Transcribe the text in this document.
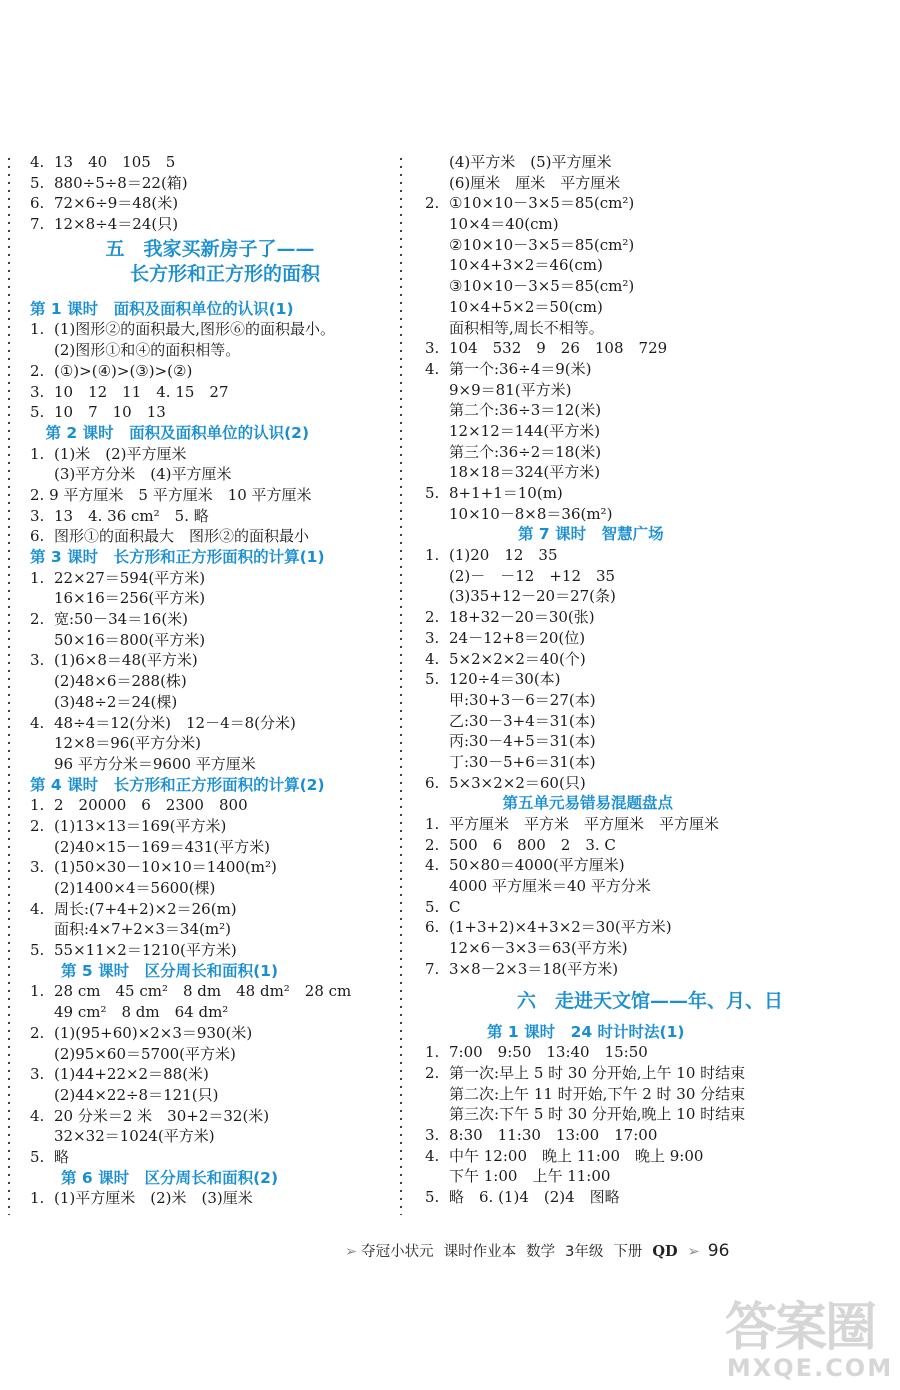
4. 13　40　105　5
5. 880÷5÷8＝22(箱)
6. 72×6÷9＝48(米)
7. 12×8÷4＝24(只)
五　我家买新房子了——
长方形和正方形的面积
第 1 课时　面积及面积单位的认识(1)
1. (1)图形②的面积最大,图形⑥的面积最小。
(2)图形①和④的面积相等。
2. (①)>(④)>(③)>(②)
3. 10　12　11　4. 15　27
5. 10　7　10　13
　第 2 课时　面积及面积单位的认识(2)
1. (1)米　(2)平方厘米
(3)平方分米　(4)平方厘米
2. 9 平方厘米　5 平方厘米　10 平方厘米
3. 13　4. 36 cm²　5. 略
6. 图形①的面积最大　图形②的面积最小
第 3 课时　长方形和正方形面积的计算(1)
1. 22×27＝594(平方米)
16×16＝256(平方米)
2. 宽:50－34＝16(米)
50×16＝800(平方米)
3. (1)6×8＝48(平方米)
(2)48×6＝288(株)
(3)48÷2＝24(棵)
4. 48÷4＝12(分米)　12－4＝8(分米)
12×8＝96(平方分米)
96 平方分米＝9600 平方厘米
第 4 课时　长方形和正方形面积的计算(2)
1. 2　20000　6　2300　800
2. (1)13×13＝169(平方米)
(2)40×15－169＝431(平方米)
3. (1)50×30－10×10＝1400(m²)
(2)1400×4＝5600(棵)
4. 周长:(7+4+2)×2＝26(m)
面积:4×7+2×3＝34(m²)
5. 55×11×2＝1210(平方米)
　　第 5 课时　区分周长和面积(1)
1. 28 cm　45 cm²　8 dm　48 dm²　28 cm
49 cm²　8 dm　64 dm²
2. (1)(95+60)×2×3＝930(米)
(2)95×60＝5700(平方米)
3. (1)44+22×2＝88(米)
(2)44×22÷8＝121(只)
4. 20 分米＝2 米　30+2＝32(米)
32×32＝1024(平方米)
5. 略
　　第 6 课时　区分周长和面积(2)
1. (1)平方厘米　(2)米　(3)厘米
(4)平方米　(5)平方厘米
(6)厘米　厘米　平方厘米
2. ①10×10－3×5＝85(cm²)
10×4＝40(cm)
②10×10－3×5＝85(cm²)
10×4+3×2＝46(cm)
③10×10－3×5＝85(cm²)
10×4+5×2＝50(cm)
面积相等,周长不相等。
3. 104　532　9　26　108　729
4. 第一个:36÷4＝9(米)
9×9＝81(平方米)
第二个:36÷3＝12(米)
12×12＝144(平方米)
第三个:36÷2＝18(米)
18×18＝324(平方米)
5. 8+1+1＝10(m)
10×10－8×8＝36(m²)
　　　　　　第 7 课时　智慧广场
1. (1)20　12　35
(2)－　－12　+12　35
(3)35+12－20＝27(条)
2. 18+32－20＝30(张)
3. 24－12+8＝20(位)
4. 5×2×2×2＝40(个)
5. 120÷4＝30(本)
甲:30+3－6＝27(本)
乙:30－3+4＝31(本)
丙:30－4+5＝31(本)
丁:30－5+6＝31(本)
6. 5×3×2×2＝60(只)
　　　　　第五单元易错易混题盘点
1. 平方厘米　平方米　平方厘米　平方厘米
2. 500　6　800　2　3. C
4. 50×80＝4000(平方厘米)
4000 平方厘米＝40 平方分米
5. C
6. (1+3+2)×4+3×2＝30(平方米)
12×6－3×3＝63(平方米)
7. 3×8－2×3＝18(平方米)
六　走进天文馆——年、月、日
　　　　第 1 课时　24 时计时法(1)
1. 7:00　9:50　13:40　15:50
2. 第一次:早上 5 时 30 分开始,上午 10 时结束
第二次:上午 11 时开始,下午 2 时 30 分结束
第三次:下午 5 时 30 分开始,晚上 10 时结束
3. 8:30　11:30　13:00　17:00
4. 中午 12:00　晚上 11:00　晚上 9:00
下午 1:00　上午 11:00
5. 略　6. (1)4　(2)4　图略
➢ 夺冠小状元 课时作业本 数学 3年级 下册 QD ➢ 96
答案圈
MXQE.COM
